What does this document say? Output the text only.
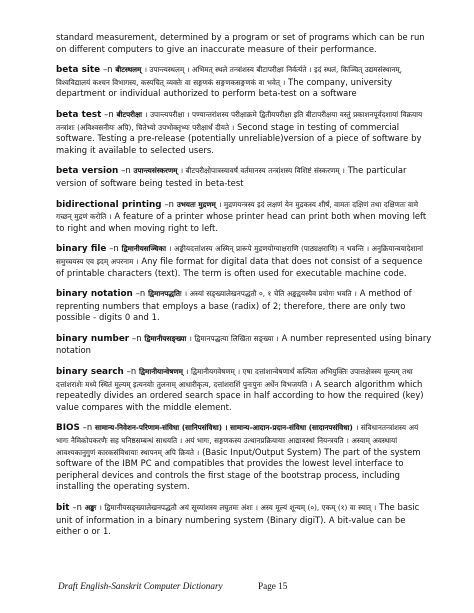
standard measurement, determined by a program or set of programs which can be run on different computers to give an inaccurate measure of their performance.

beta site –n बीटस्थलम् । उपान्त्यस्थलम् । अभिमत् स्थले तन्त्रांशस्य बीटापरीक्षा निर्वर्त्यते । इदं स्थलं, किञ्चित् उद्यमसंस्थानम्, विश्वविद्यालयं कश्चन विभागस्य, कस्यचित् व्यक्तेः वा सङ्गणकं सङ्गणकसङ्गणकं वा भवेत् । The company, university department or individual authorized to perform beta-test on a software

beta test –n बीटपरीक्षा । उपान्त्यपरीक्षा । पण्यान्तरांशस्य परीक्षाक्रमे द्वितीयपरीक्षा इति बीटापरीक्षया वस्तुं प्रकाशनपूर्वदशायां विक्रयाय तन्त्रांशः (अविश्वसनीयः अपि), चितेभ्यो उपभोक्तृभ्यः परीक्षार्थं दीयते । Second stage in testing of commercial software. Testing a pre-release (potentially unreliable)version of a piece of software by making it available to selected users.

beta version –n उपान्त्यसंस्करणम् । बीटपरीक्षोपात्रस्यावर्षं वर्तमानस्य तन्त्रांशस्य विशिष्टं संस्करणम् । The particular version of software being tested in beta-test

bidirectional printing –n उभयतः मुद्रणम् । मुद्रणयन्त्रस्य इदं लक्षणं येन मुद्रकस्य शीर्षं, वामतः दक्षिणं तथा दक्षिणतः वामे गच्छन् मुद्रणं करोति । A feature of a printer whose printer head can print both when moving left to right and when moving right to left.

binary file –n द्विमानीयसञ्चिका । अङ्कीयदत्तांशस्य अस्मिन् प्रारूपे मुद्रणयोग्याक्षराणि (पाठ्यक्षराणि) न भवन्ति । अनुक्रियान्वयादेशानां समुच्चयस्य एव इदम् अपरनाम । Any file format for digital data that does not consist of a sequence of printable characters (text). The term is often used for executable machine code.

binary notation –n द्विमानपद्धतिः । अस्यां सङ्ख्यालेखनपद्धतौ ०, १ चेति अङ्कद्वयस्यैव प्रयोगः भवति । A method of reprenting numbers that employs a base (radix) of 2; therefore, there are only two possible - digits 0 and 1.

binary number –n द्विमानीयसङ्ख्या । द्विमानपद्धत्या लिखिता सङ्ख्या । A number represented using binary notation

binary search –n द्विमानीयान्वेषणम् । द्विमानीयगवेषणम् । एषा दत्तांशान्वेषणार्थं कल्पिता अभियुक्तिः उपात्तक्षेत्रस्य मूल्यम् तथा दत्तांशराशेः मध्ये स्थितं मूल्यम् इत्यनयोः तुलनाम् आधारीकृत्य, दत्तांशराशिं पुनःपुनः अर्धेन विभजयति । A search algorithm which repeatedly divides an ordered search space in half according to how the required (key) value compares with the middle element.

BIOS –n सामान्य-निवेशन-परिणाम-संविधा (सानिपसंविधा) । सामान्य-आदान-प्रदान-संविधा (सादानपसंविधा) । संविधानतन्त्रांशस्य अयं भागः नैमिकोपकरणैः सह घनिष्ठसम्बन्धं साधयति । अयं भागः, सङ्गणकस्य उत्थानप्रक्रियायाः आद्यावस्थां नियन्त्रयति । अस्याम् अवस्थायां आवश्यकानुगुणं कारकसंविधायाः स्थापनम् अपि क्रियते । (Basic Input/Output System) The part of the system software of the IBM PC and compatibles that provides the lowest level interface to peripheral devices and controls the first stage of the bootstrap process, including installing the operating system.

bit –n अङ्कः । द्विमानीयसङ्ख्यालेखनपद्धतौ अयं सूच्यांशस्य लघुतमः अंशः । अस्य मूल्यं शून्यम् (०), एकम् (१) वा स्यात् । The basic unit of information in a binary numbering system (Binary digiT). A bit-value can be either o or 1.

Draft English-Sanskrit Computer Dictionary	Page 15
